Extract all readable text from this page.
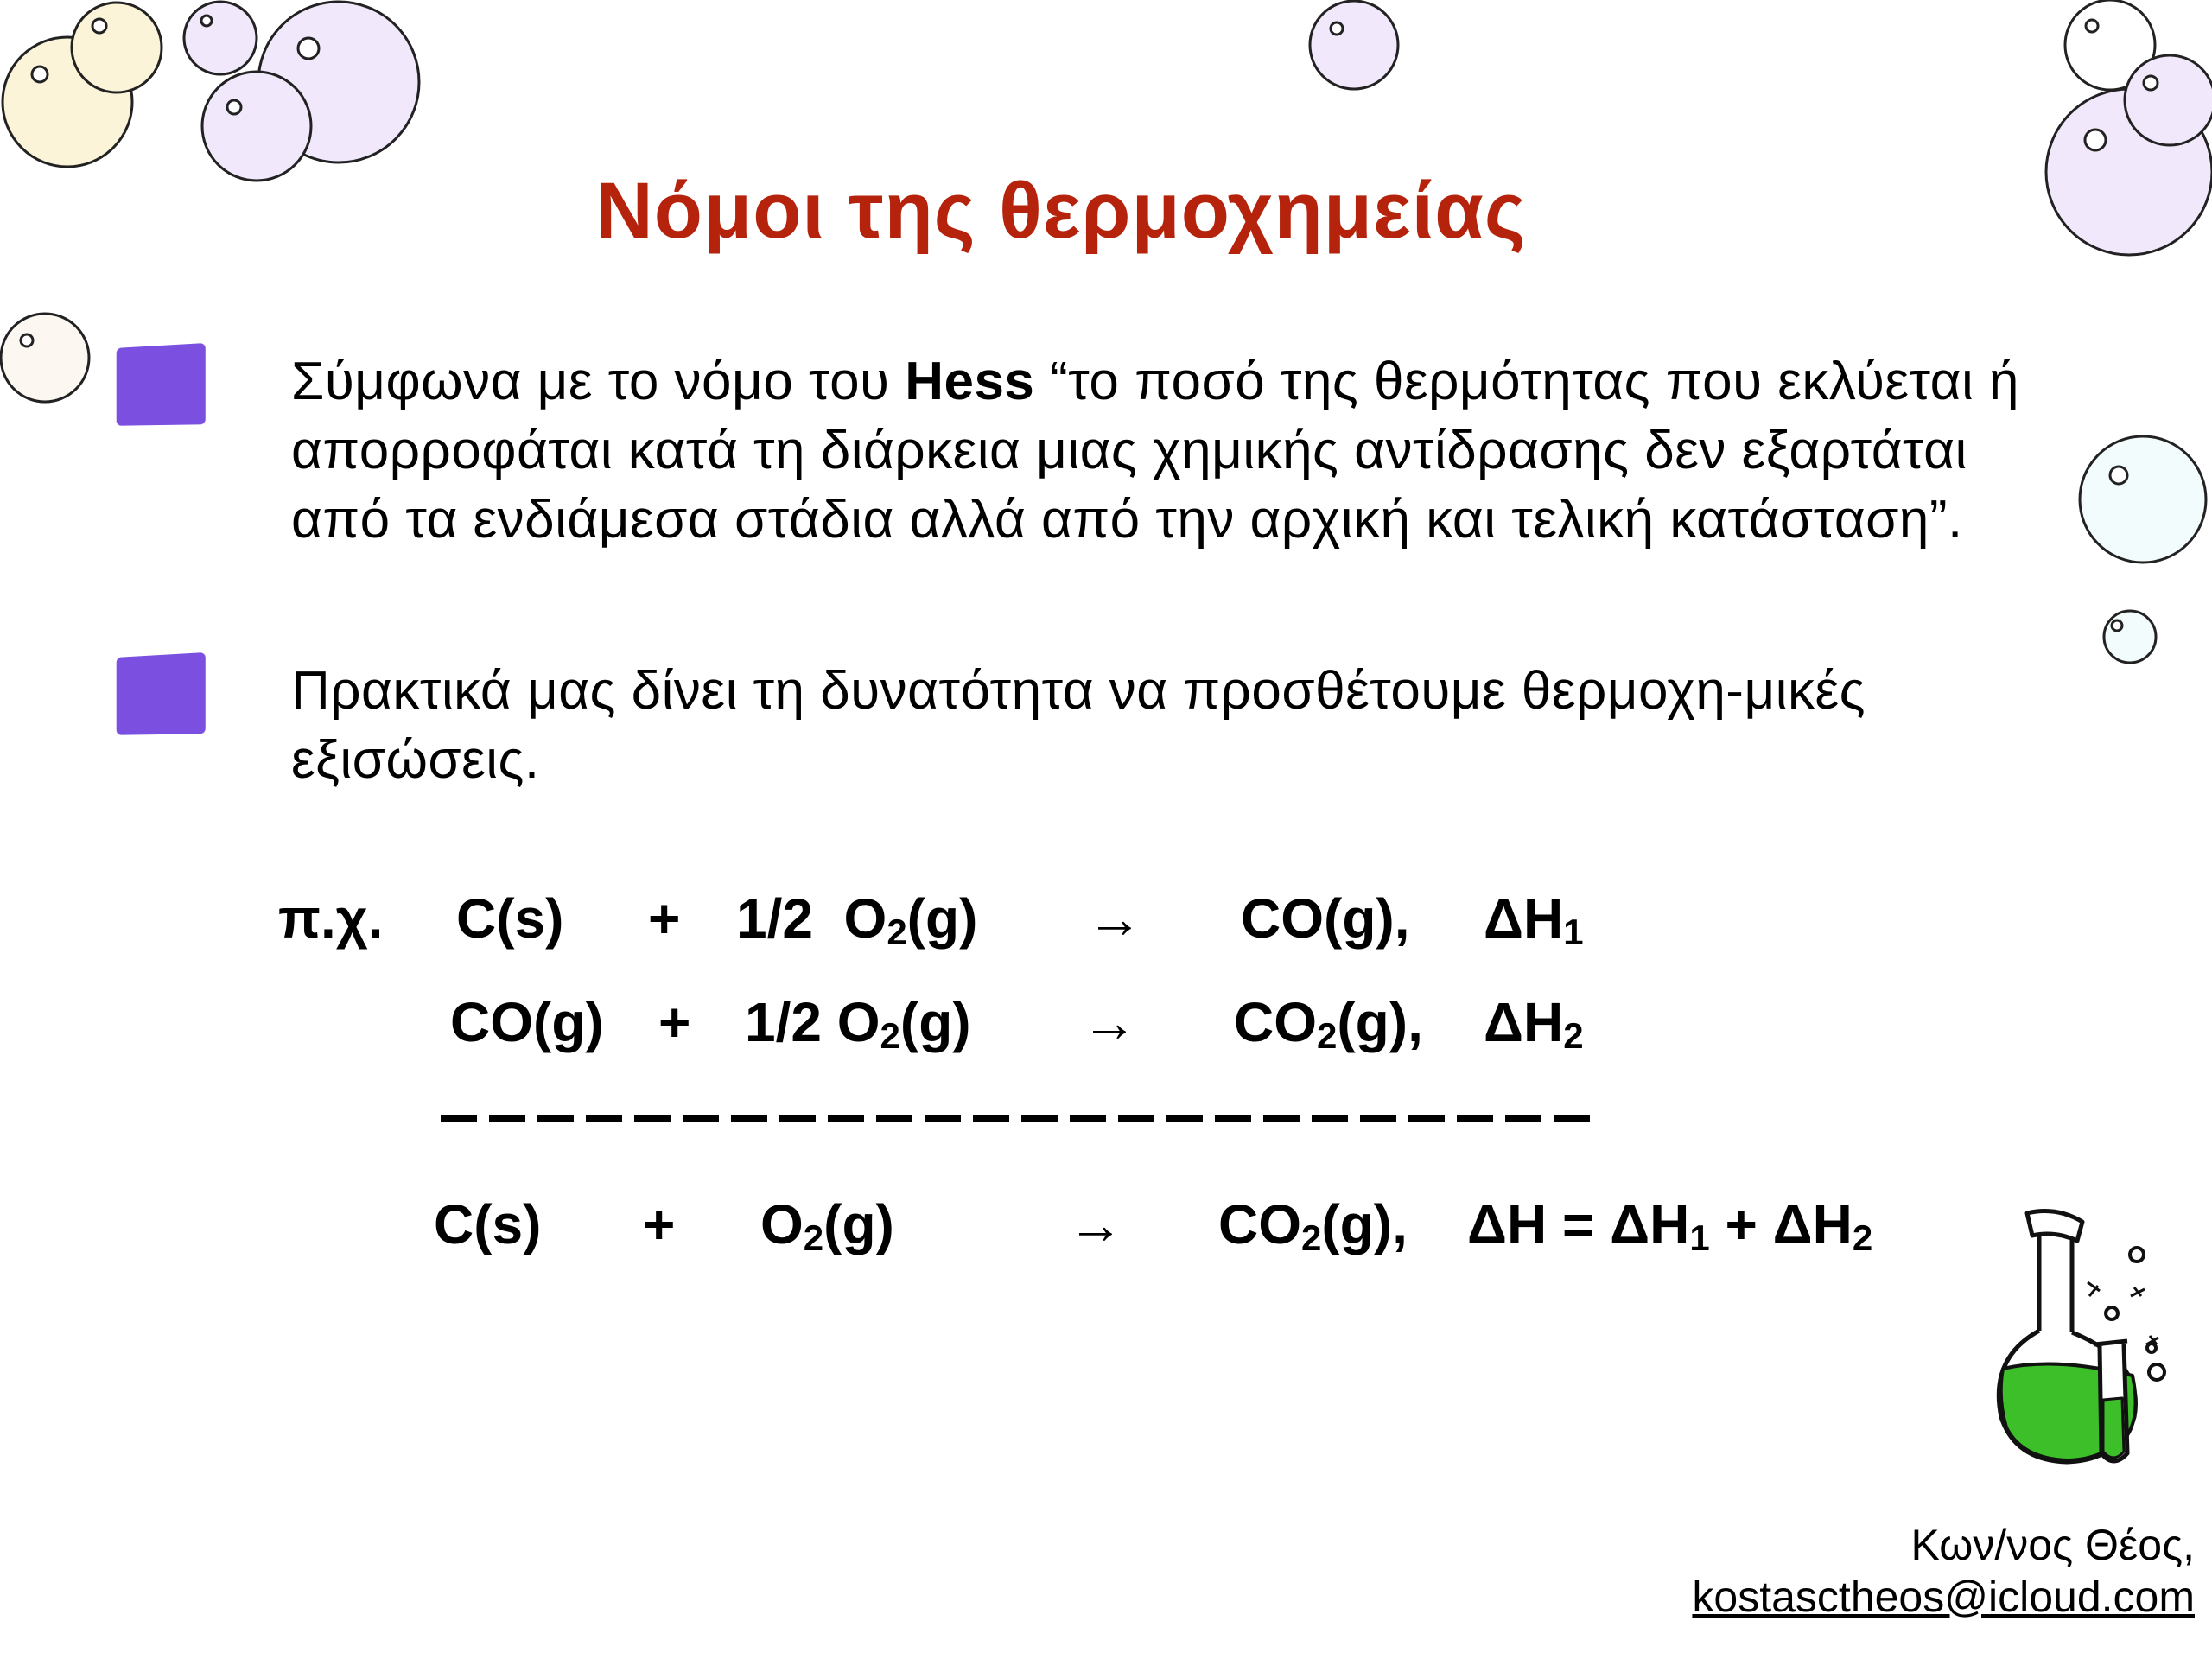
Νόμοι της θερμοχημείας
Σύμφωνα με το νόμο του Hess “το ποσό της θερμότητας που εκλύεται ή απορροφάται κατά τη διάρκεια μιας χημικής αντίδρασης δεν εξαρτάται από τα ενδιάμεσα στάδια αλλά από την αρχική και τελική κατάσταση”.
Πρακτικά μας δίνει τη δυνατότητα να προσθέτουμε θερμοχη-μικές εξισώσεις.
π.χ. C(s) + 1/2 $O_2(g) \to CO(g)$, $\Delta H_1$
CO(g) + 1/2 $O_2(g) \to CO_2(g)$, $\Delta H_2$
$C(s) + O_2(g)$	→ $CO_2(g)$, $\Delta H = \Delta H_1 + \Delta H_2$
Κων/νος Θέος,
kostasctheos@icloud.com
